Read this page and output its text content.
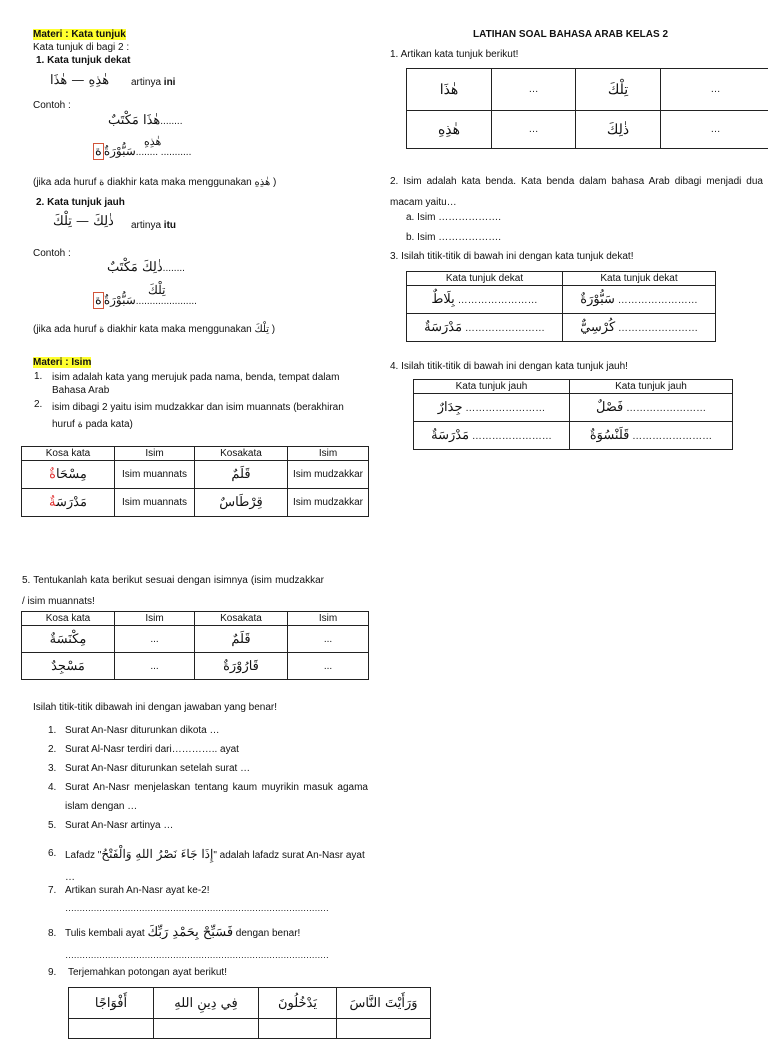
Materi : Kata tunjuk
Kata tunjuk di bagi 2 :
1. Kata tunjuk dekat
هٰذِهِ — هٰذَا artinya ini
Contoh :
هٰذَا مَكْتَبٌ........
هٰذِهِ
ة سَبُّوْرَةٌ........ ...........
(jika ada huruf ة diakhir kata maka menggunakan هٰذِهِ )
2. Kata tunjuk jauh
ذٰلِكَ — تِلْكَ artinya itu
Contoh :
ذٰلِكَ مَكْتَبٌ........
تِلْكَ
ة سَبُّوْرَةٌ......................
(jika ada huruf ة diakhir kata maka menggunakan تِلْكَ )
Materi : Isim
1. isim adalah kata yang merujuk pada nama, benda, tempat dalam Bahasa Arab
2. isim dibagi 2 yaitu isim mudzakkar dan isim muannats (berakhiran huruf ة pada kata)
Kosa kata	Isim	Kosakata	Isim
مِسْحَاةٌ	Isim muannats	قَلَمٌ	Isim mudzakkar
مَدْرَسَةٌ	Isim muannats	قِرْطَاسٌ	Isim mudzakkar
5. Tentukanlah kata berikut sesuai dengan isimnya (isim mudzakkar / isim muannats!
Kosa kata	Isim	Kosakata	Isim
مِكْنَسَةٌ	...	قَلَمٌ	...
مَسْجِدٌ	...	قَارُوْرَةٌ	...
Isilah titik-titik dibawah ini dengan jawaban yang benar!
1. Surat An-Nasr diturunkan dikota …
2. Surat Al-Nasr terdiri dari………….. ayat
3. Surat An-Nasr diturunkan setelah surat …
4. Surat An-Nasr menjelaskan tentang kaum muyrikin masuk agama islam dengan …
5. Surat An-Nasr artinya …
6. Lafadz "إِذَا جَاءَ نَصْرُ اللهِ وَالْفَتْحُ" adalah lafadz surat An-Nasr ayat …
7. Artikan surah An-Nasr ayat ke-2!
…………………………………………………………………………………
8. Tulis kembali ayat فَسَبِّحْ بِحَمْدِ رَبِّكَ dengan benar!
…………………………………………………………………………………
9. Terjemahkan potongan ayat berikut!
أَفْوَاجًا	فِي دِينِ اللهِ	يَدْخُلُونَ	وَرَأَيْتَ النَّاسَ

LATIHAN SOAL BAHASA ARAB KELAS 2
1. Artikan kata tunjuk berikut!
هٰذَا	…	تِلْكَ	…
هٰذِهِ	…	ذٰلِكَ	…
2. Isim adalah kata benda. Kata benda dalam bahasa Arab dibagi menjadi dua macam yaitu…
a. Isim ……………….
b. Isim ……………….
3. Isilah titik-titik di bawah ini dengan kata tunjuk dekat!
Kata tunjuk dekat	Kata tunjuk dekat
بِلَاطٌ ……………………	سَبُّوْرَةٌ ……………………
مَدْرَسَةٌ ……………………	كُرْسِيٌّ ……………………
4. Isilah titik-titik di bawah ini dengan kata tunjuk jauh!
Kata tunjuk jauh	Kata tunjuk jauh
جِدَارٌ ……………………	فَصْلٌ ……………………
مَدْرَسَةٌ ……………………	قَلَنْسُوَةٌ ……………………
